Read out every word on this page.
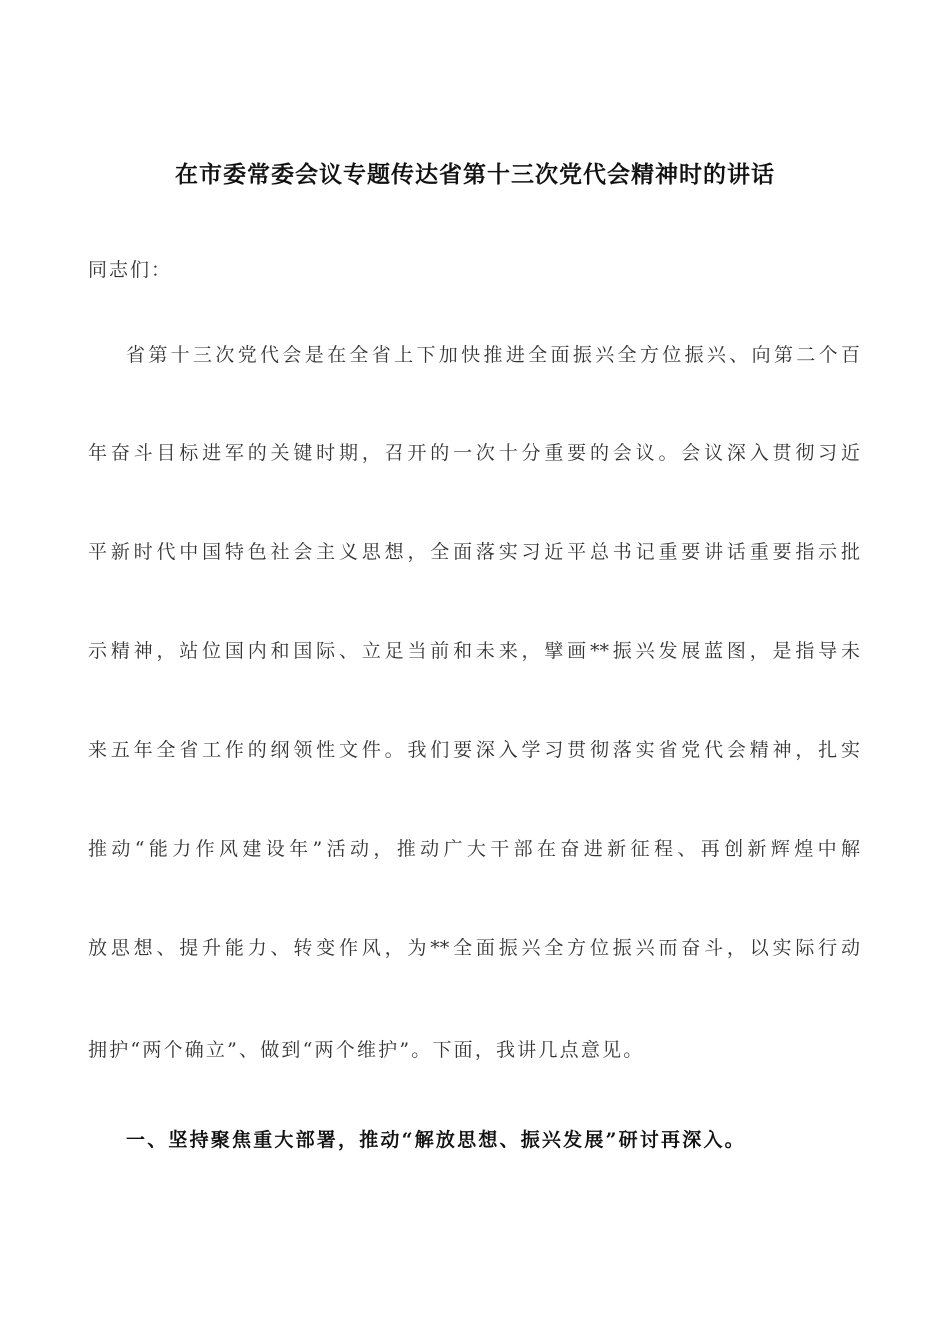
在市委常委会议专题传达省第十三次党代会精神时的讲话
同志们：
省第十三次党代会是在全省上下加快推进全面振兴全方位振兴、向第二个百
年奋斗目标进军的关键时期，召开的一次十分重要的会议。会议深入贯彻习近
平新时代中国特色社会主义思想，全面落实习近平总书记重要讲话重要指示批
示精神，站位国内和国际、立足当前和未来，擘画**振兴发展蓝图，是指导未
来五年全省工作的纲领性文件。我们要深入学习贯彻落实省党代会精神，扎实
推动“能力作风建设年”活动，推动广大干部在奋进新征程、再创新辉煌中解
放思想、提升能力、转变作风，为**全面振兴全方位振兴而奋斗，以实际行动
拥护“两个确立”、做到“两个维护”。下面，我讲几点意见。
一、坚持聚焦重大部署，推动“解放思想、振兴发展”研讨再深入。
